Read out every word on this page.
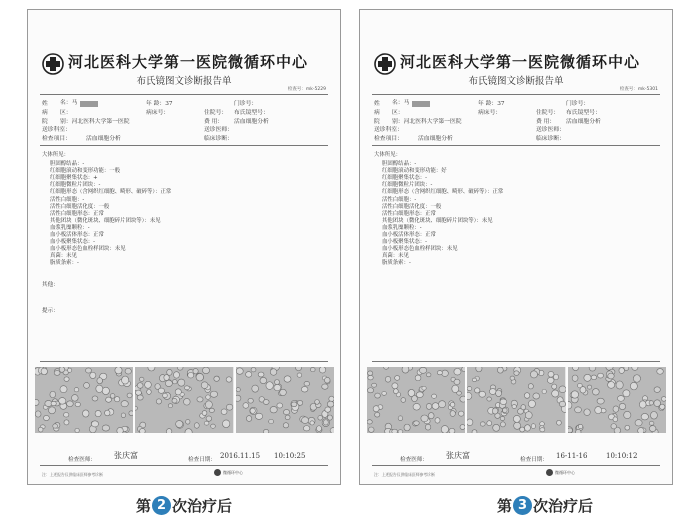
河北医科大学第一医院微循环中心
布氏镜图文诊断报告单
检查号：mk-5229
姓	名：马	年 龄：37	门诊号：
病	区：	病床号：	住院号：	布氏镜型号：
院	别：河北医科大学第一医院	费 用：	活血细胞分析
送诊科室：	送诊医师：
检查项目：	活血细胞分析	临床诊断：
大体所见：
胆固醇结晶：-
红细胞滚动和变形功能：一般
红细胞聚集状态：+
红细胞微粒片团块：-
红细胞形态（含网织红细胞、畸形、破碎等）：正常
活性白细胞：-
活性白细胞活化度：一般
活性白细胞形态：正常
其他团块（微化斑块、细胞碎片团块等）：未见
血浆乳糜颗粒：-
血小板活体形态：正常
血小板聚集状态：-
血小板形态色血栓样团块：未见
真菌：未见
脂质条索：-
其他：
提示：
检查医师： 张庆富	检查日期： 2016.11.15 10:10:25
注：上述报告仅供临床医师参考诊断	微循环中心
河北医科大学第一医院微循环中心
布氏镜图文诊断报告单
检查号：mk-5301
姓	名：马	年 龄：37	门诊号：
病	区：	病床号：	住院号：	布氏镜型号：
院	别：河北医科大学第一医院	费 用：	活血细胞分析
送诊科室：	送诊医师：
检查项目：	活血细胞分析	临床诊断：
大体所见：
胆固醇结晶：-
红细胞滚动和变形功能：好
红细胞聚集状态：-
红细胞微粒片团块：-
红细胞形态（含网织红细胞、畸形、破碎等）：正常
活性白细胞：-
活性白细胞活化度：一般
活性白细胞形态：正常
其他团块（微化斑块、细胞碎片团块等）：未见
血浆乳糜颗粒：-
血小板活体形态：正常
血小板聚集状态：-
血小板形态色血栓样团块：未见
真菌：未见
脂质条索：-
检查医师： 张庆富	检查日期： 16-11-16	10:10:12
注：上述报告仅供临床医师参考诊断	微循环中心
第 2 次治疗后	第 3 次治疗后
